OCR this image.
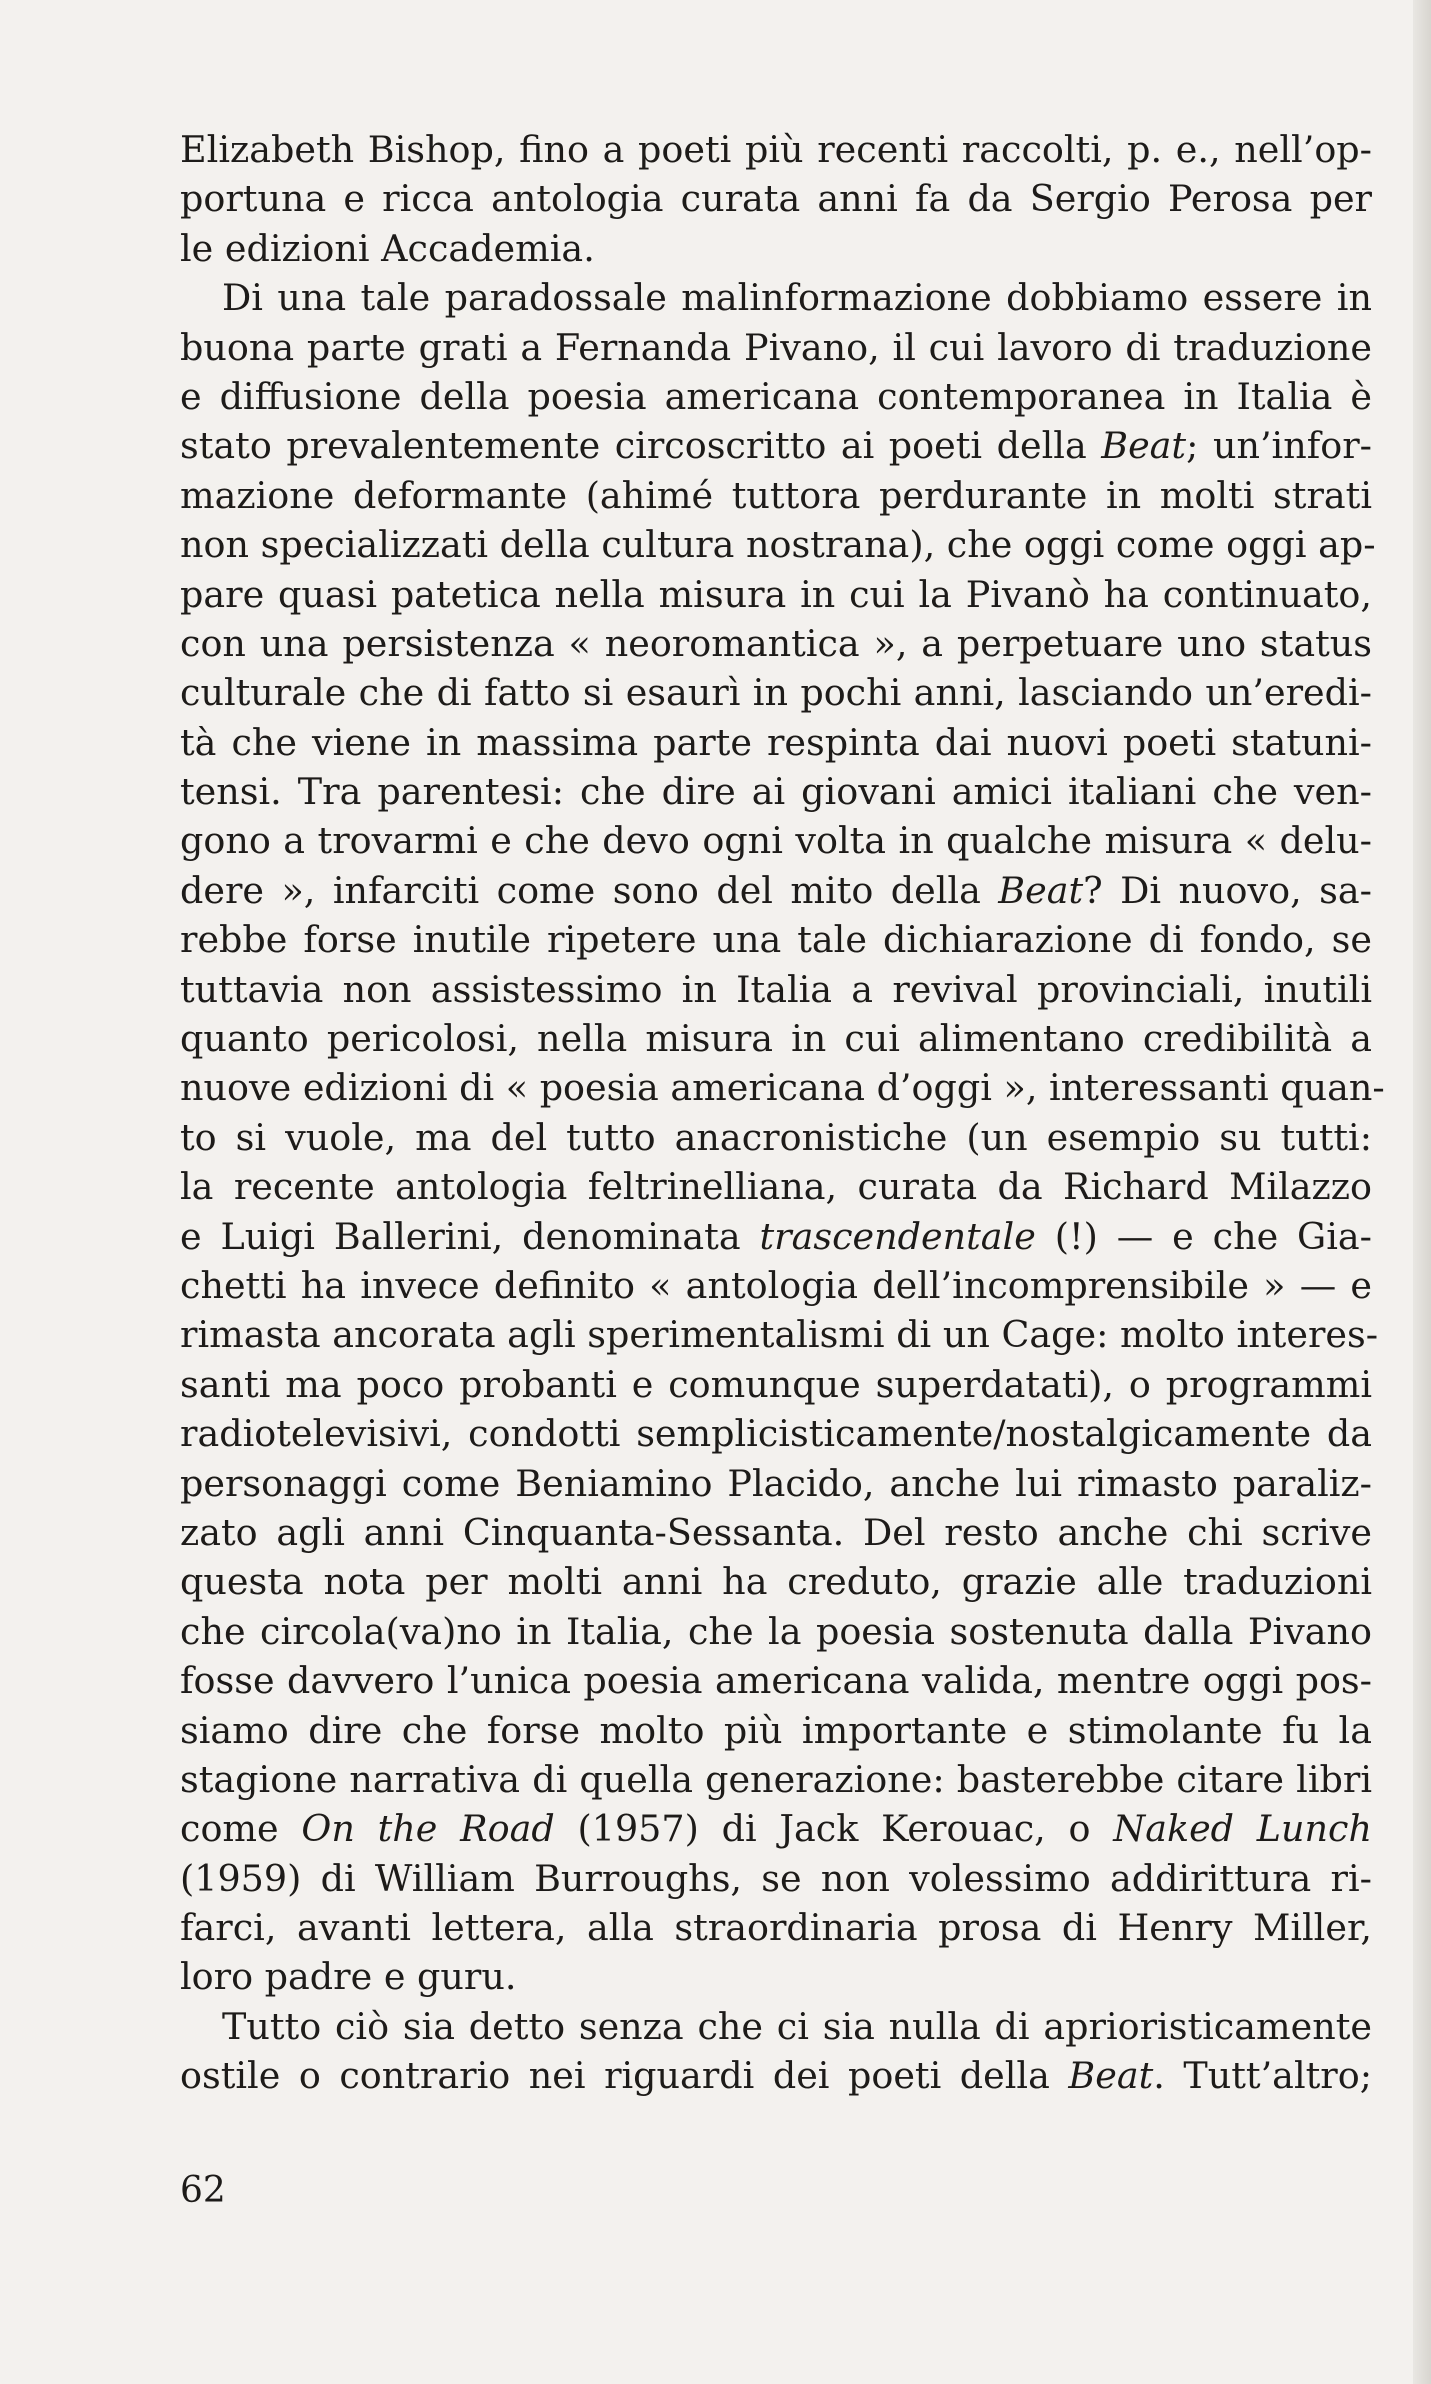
Elizabeth Bishop, fino a poeti più recenti raccolti, p. e., nell’op-
portuna e ricca antologia curata anni fa da Sergio Perosa per
le edizioni Accademia.
Di una tale paradossale malinformazione dobbiamo essere in
buona parte grati a Fernanda Pivano, il cui lavoro di traduzione
e diffusione della poesia americana contemporanea in Italia è
stato prevalentemente circoscritto ai poeti della Beat; un’infor-
mazione deformante (ahimé tuttora perdurante in molti strati
non specializzati della cultura nostrana), che oggi come oggi ap-
pare quasi patetica nella misura in cui la Pivanò ha continuato,
con una persistenza « neoromantica », a perpetuare uno status
culturale che di fatto si esaurì in pochi anni, lasciando un’eredi-
tà che viene in massima parte respinta dai nuovi poeti statuni-
tensi. Tra parentesi: che dire ai giovani amici italiani che ven-
gono a trovarmi e che devo ogni volta in qualche misura « delu-
dere », infarciti come sono del mito della Beat? Di nuovo, sa-
rebbe forse inutile ripetere una tale dichiarazione di fondo, se
tuttavia non assistessimo in Italia a revival provinciali, inutili
quanto pericolosi, nella misura in cui alimentano credibilità a
nuove edizioni di « poesia americana d’oggi », interessanti quan-
to si vuole, ma del tutto anacronistiche (un esempio su tutti:
la recente antologia feltrinelliana, curata da Richard Milazzo
e Luigi Ballerini, denominata trascendentale (!) — e che Gia-
chetti ha invece definito « antologia dell’incomprensibile » — e
rimasta ancorata agli sperimentalismi di un Cage: molto interes-
santi ma poco probanti e comunque superdatati), o programmi
radiotelevisivi, condotti semplicisticamente/nostalgicamente da
personaggi come Beniamino Placido, anche lui rimasto paraliz-
zato agli anni Cinquanta-Sessanta. Del resto anche chi scrive
questa nota per molti anni ha creduto, grazie alle traduzioni
che circola(va)no in Italia, che la poesia sostenuta dalla Pivano
fosse davvero l’unica poesia americana valida, mentre oggi pos-
siamo dire che forse molto più importante e stimolante fu la
stagione narrativa di quella generazione: basterebbe citare libri
come On the Road (1957) di Jack Kerouac, o Naked Lunch
(1959) di William Burroughs, se non volessimo addirittura ri-
farci, avanti lettera, alla straordinaria prosa di Henry Miller,
loro padre e guru.
Tutto ciò sia detto senza che ci sia nulla di aprioristicamente
ostile o contrario nei riguardi dei poeti della Beat. Tutt’altro;
62
